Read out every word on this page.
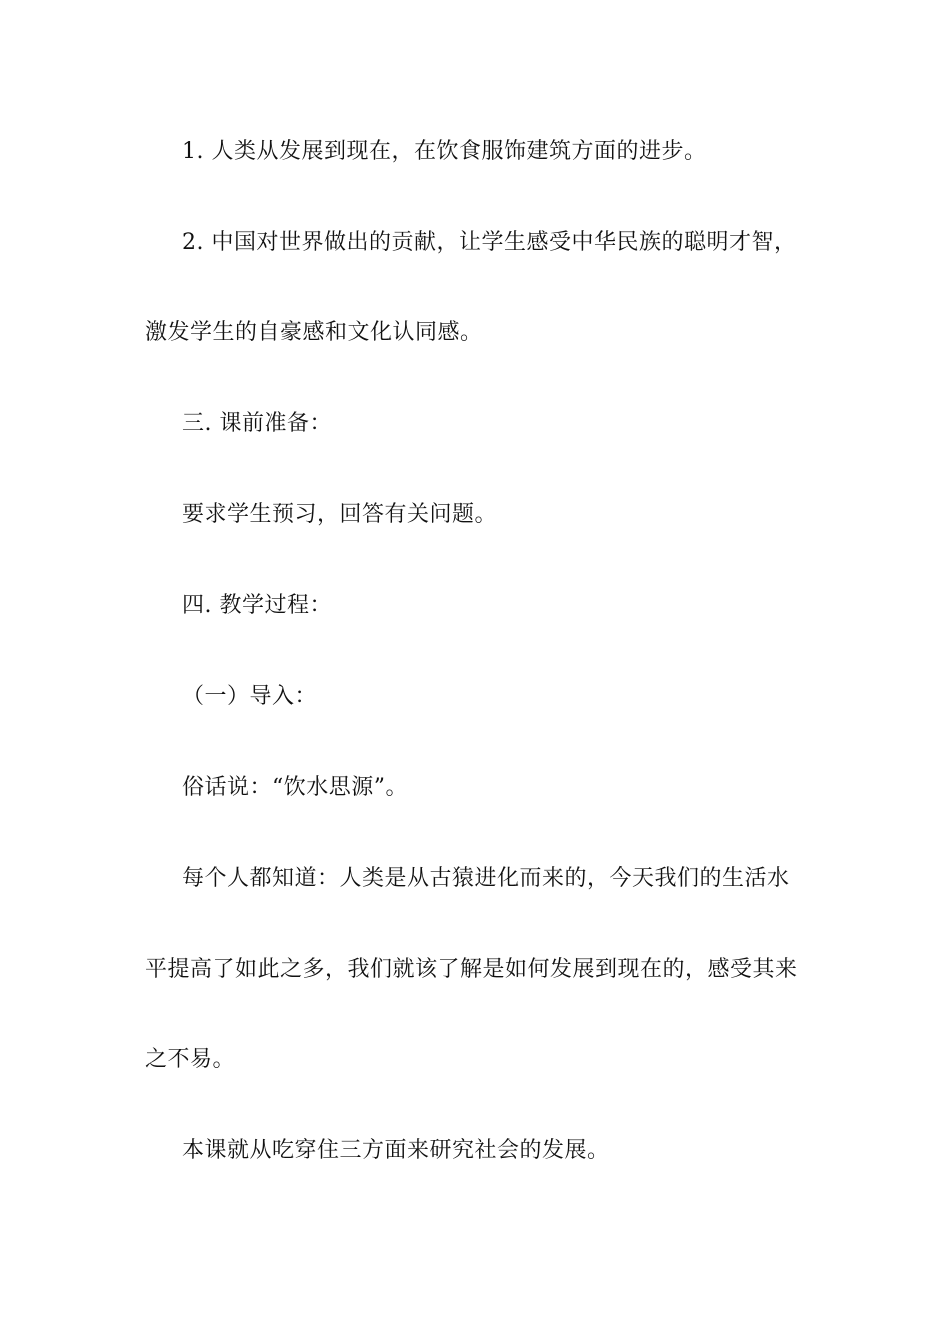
1. 人类从发展到现在，在饮食服饰建筑方面的进步。
2. 中国对世界做出的贡献，让学生感受中华民族的聪明才智，
激发学生的自豪感和文化认同感。
三. 课前准备：
要求学生预习，回答有关问题。
四. 教学过程：
（一）导入：
俗话说：“饮水思源”。
每个人都知道：人类是从古猿进化而来的，今天我们的生活水
平提高了如此之多，我们就该了解是如何发展到现在的，感受其来
之不易。
本课就从吃穿住三方面来研究社会的发展。
